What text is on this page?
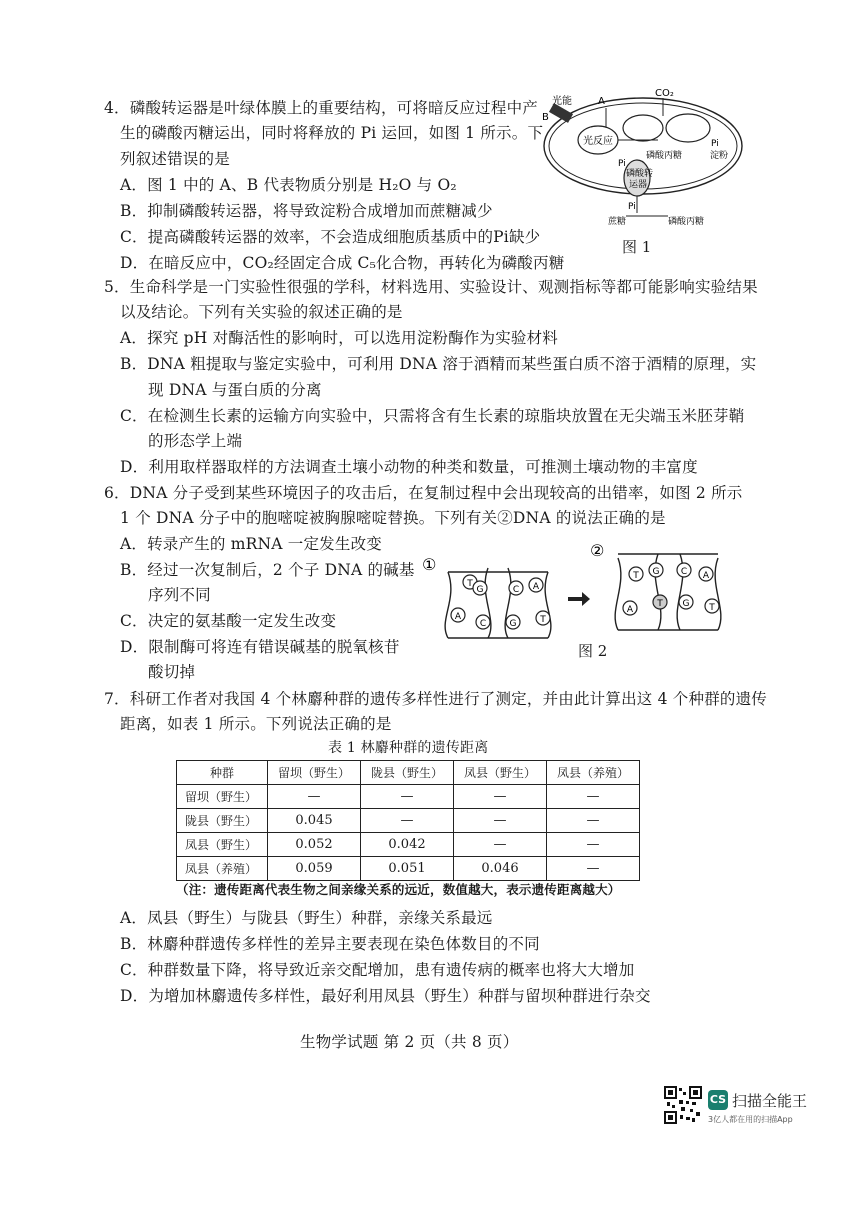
4．磷酸转运器是叶绿体膜上的重要结构，可将暗反应过程中产
生的磷酸丙糖运出，同时将释放的 Pi 运回，如图 1 所示。下
列叙述错误的是
A．图 1 中的 A、B 代表物质分别是 H₂O 与 O₂
B．抑制磷酸转运器，将导致淀粉合成增加而蔗糖减少
C．提高磷酸转运器的效率，不会造成细胞质基质中的Pi缺少
D．在暗反应中，CO₂经固定合成 C₅化合物，再转化为磷酸丙糖
光能	A
B
CO₂
光反应
磷酸丙糖
Pi
淀粉
磷酸转
运器
Pi
Pi
蔗糖	磷酸丙糖
图 1
5．生命科学是一门实验性很强的学科，材料选用、实验设计、观测指标等都可能影响实验结果
以及结论。下列有关实验的叙述正确的是
A．探究 pH 对酶活性的影响时，可以选用淀粉酶作为实验材料
B．DNA 粗提取与鉴定实验中，可利用 DNA 溶于酒精而某些蛋白质不溶于酒精的原理，实
现 DNA 与蛋白质的分离
C．在检测生长素的运输方向实验中，只需将含有生长素的琼脂块放置在无尖端玉米胚芽鞘
的形态学上端
D．利用取样器取样的方法调查土壤小动物的种类和数量，可推测土壤动物的丰富度
6．DNA 分子受到某些环境因子的攻击后，在复制过程中会出现较高的出错率，如图 2 所示
1 个 DNA 分子中的胞嘧啶被胸腺嘧啶替换。下列有关②DNA 的说法正确的是
A．转录产生的 mRNA 一定发生改变
B．经过一次复制后，2 个子 DNA 的碱基
序列不同
C．决定的氨基酸一定发生改变
D．限制酶可将连有错误碱基的脱氧核苷
酸切掉
①
②
T
A
G
C
C
G
A
T
T
A
G
T
C
G
A
T
图 2
7．科研工作者对我国 4 个林麝种群的遗传多样性进行了测定，并由此计算出这 4 个种群的遗传
距离，如表 1 所示。下列说法正确的是
表 1 林麝种群的遗传距离
种群	留坝（野生）	陇县（野生）	凤县（野生）	凤县（养殖）
留坝（野生）	—	—	—	—
陇县（野生）	0.045	—	—	—
凤县（野生）	0.052	0.042	—	—
凤县（养殖）	0.059	0.051	0.046	—
（注：遗传距离代表生物之间亲缘关系的远近，数值越大，表示遗传距离越大）
A．凤县（野生）与陇县（野生）种群，亲缘关系最远
B．林麝种群遗传多样性的差异主要表现在染色体数目的不同
C．种群数量下降，将导致近亲交配增加，患有遗传病的概率也将大大增加
D．为增加林麝遗传多样性，最好利用凤县（野生）种群与留坝种群进行杂交
生物学试题 第 2 页（共 8 页）
CS 扫描全能王
3亿人都在用的扫描App
